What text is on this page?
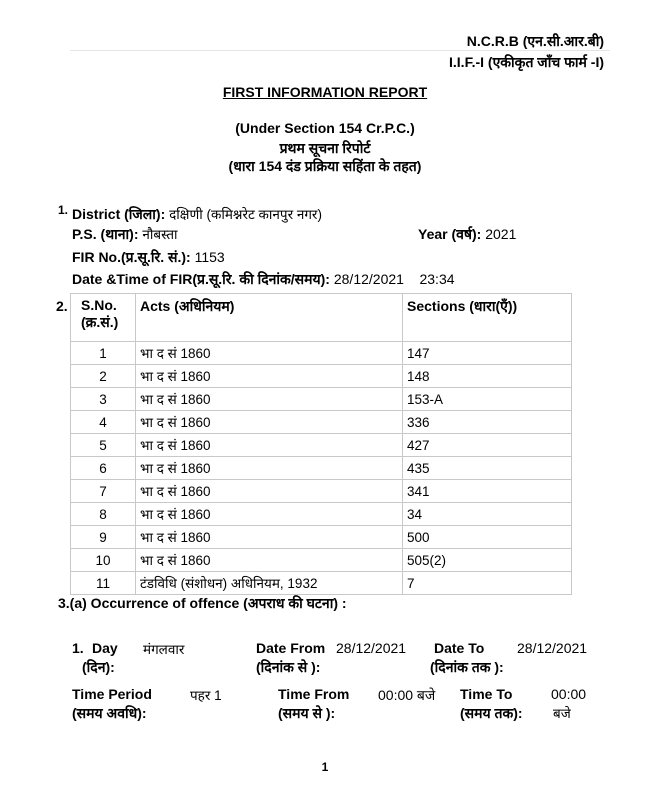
N.C.R.B (एन.सी.आर.बी)
I.I.F.-I (एकीकृत जाँच फार्म -I)
FIRST INFORMATION REPORT
(Under Section 154 Cr.P.C.)
प्रथम सूचना रिपोर्ट
(धारा 154 दंड प्रक्रिया सहिंता के तहत)
1. District (जिला): दक्षिणी (कमिश्नरेट कानपुर नगर)
P.S. (थाना): नौबस्ता	Year (वर्ष): 2021
FIR No.(प्र.सू.रि. सं.): 1153
Date &Time of FIR(प्र.सू.रि. की दिनांक/समय): 28/12/2021    23:34
2. S.No.
(क्र.सं.)	Acts (अधिनियम)	Sections (धारा(एँ))
1	भा द सं 1860	147
2	भा द सं 1860	148
3	भा द सं 1860	153-A
4	भा द सं 1860	336
5	भा द सं 1860	427
6	भा द सं 1860	435
7	भा द सं 1860	341
8	भा द सं 1860	34
9	भा द सं 1860	500
10	भा द सं 1860	505(2)
11	टंडविधि (संशोधन) अधिनियम, 1932	7
3.(a) Occurrence of offence (अपराध की घटना) :
1. Day
(दिन):
मंगलवार	Date From
(दिनांक से ):
28/12/2021 Date To
(दिनांक तक ):
28/12/2021
Time Period
(समय अवधि):
पहर 1	Time From
(समय से ):
00:00 बजे Time To
(समय तक):
00:00
बजे
1
